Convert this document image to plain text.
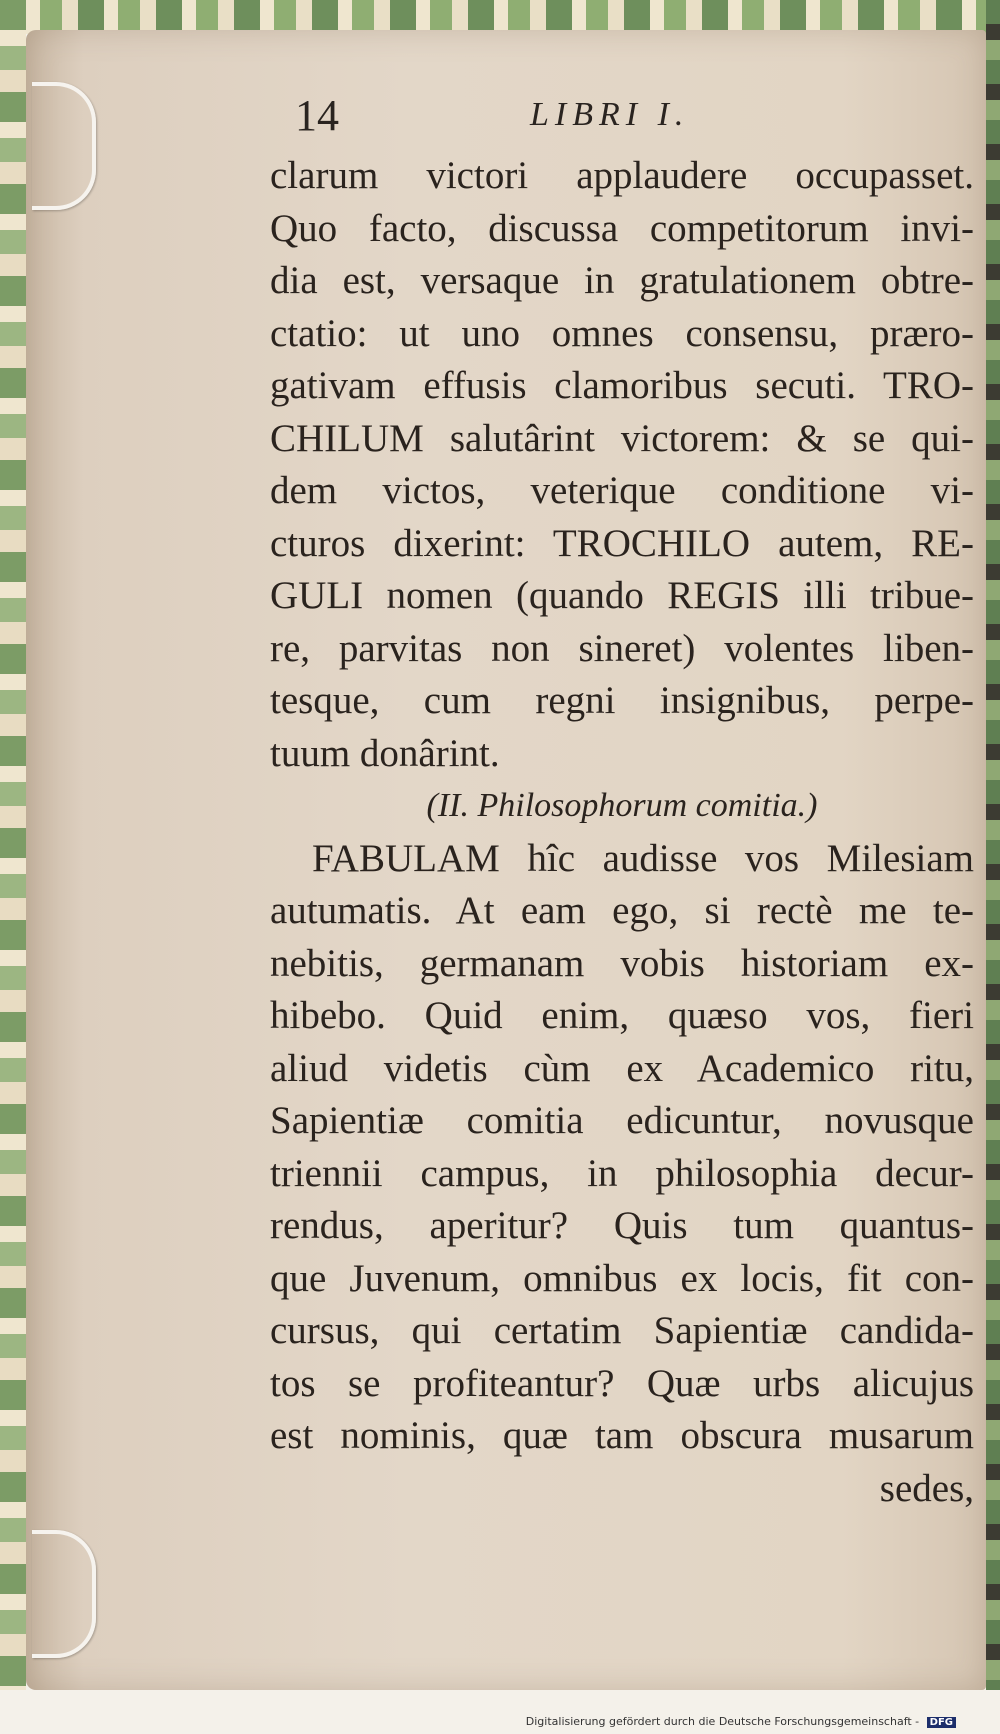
14	LIBRI I.
clarum victori applaudere occupasset.
Quo facto, discussa competitorum invi-
dia est, versaque in gratulationem obtre-
ctatio: ut uno omnes consensu, præro-
gativam effusis clamoribus secuti. TRO-
CHILUM salutârint victorem: & se qui-
dem victos, veterique conditione vi-
cturos dixerint: TROCHILO autem, RE-
GULI nomen (quando REGIS illi tribue-
re, parvitas non sineret) volentes liben-
tesque, cum regni insignibus, perpe-
tuum donârint.
(II. Philosophorum comitia.)
FABULAM hîc audisse vos Milesiam
autumatis. At eam ego, si rectè me te-
nebitis, germanam vobis historiam ex-
hibebo. Quid enim, quæso vos, fieri
aliud videtis cùm ex Academico ritu,
Sapientiæ comitia edicuntur, novusque
triennii campus, in philosophia decur-
rendus, aperitur? Quis tum quantus-
que Juvenum, omnibus ex locis, fit con-
cursus, qui certatim Sapientiæ candida-
tos se profiteantur? Quæ urbs alicujus
est nominis, quæ tam obscura musarum
sedes,
Digitalisierung gefördert durch die Deutsche Forschungsgemeinschaft - DFG
